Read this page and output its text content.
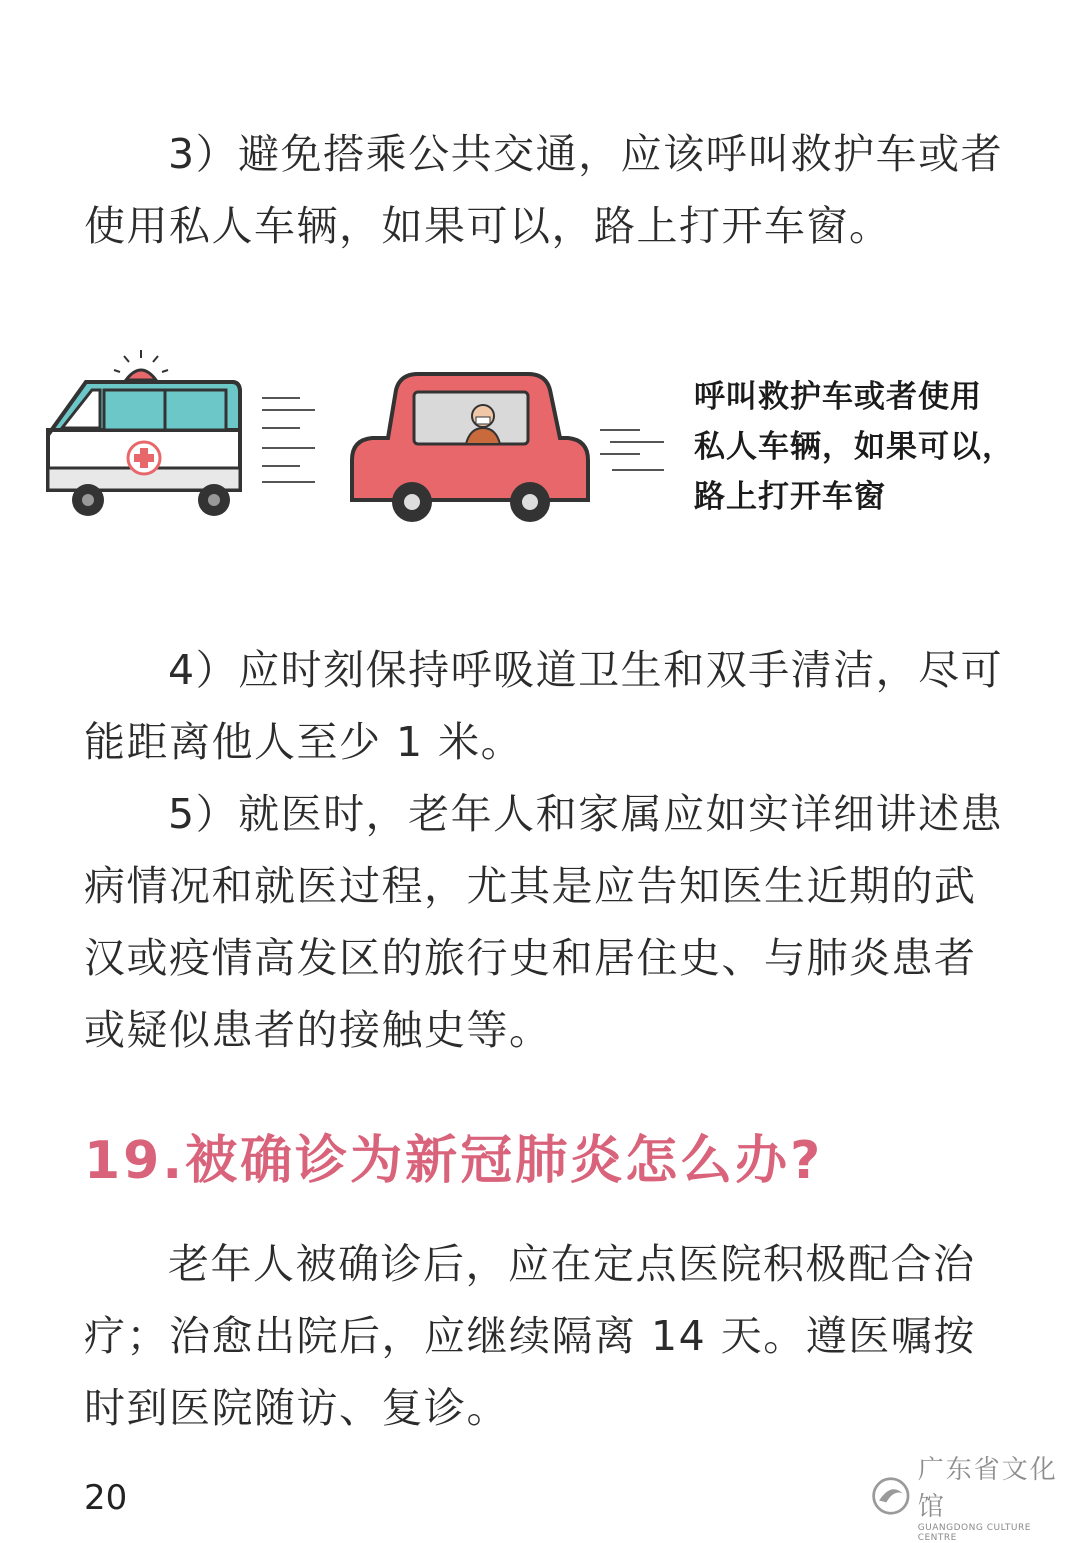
3）避免搭乘公共交通，应该呼叫救护车或者使用私人车辆，如果可以，路上打开车窗。

呼叫救护车或者使用
私人车辆，如果可以，
路上打开车窗

4）应时刻保持呼吸道卫生和双手清洁，尽可能距离他人至少 1 米。

5）就医时，老年人和家属应如实详细讲述患病情况和就医过程，尤其是应告知医生近期的武汉或疫情高发区的旅行史和居住史、与肺炎患者或疑似患者的接触史等。

19.被确诊为新冠肺炎怎么办?

老年人被确诊后，应在定点医院积极配合治疗；治愈出院后，应继续隔离 14 天。遵医嘱按时到医院随访、复诊。

20
广东省文化馆
GUANGDONG CULTURE CENTRE
